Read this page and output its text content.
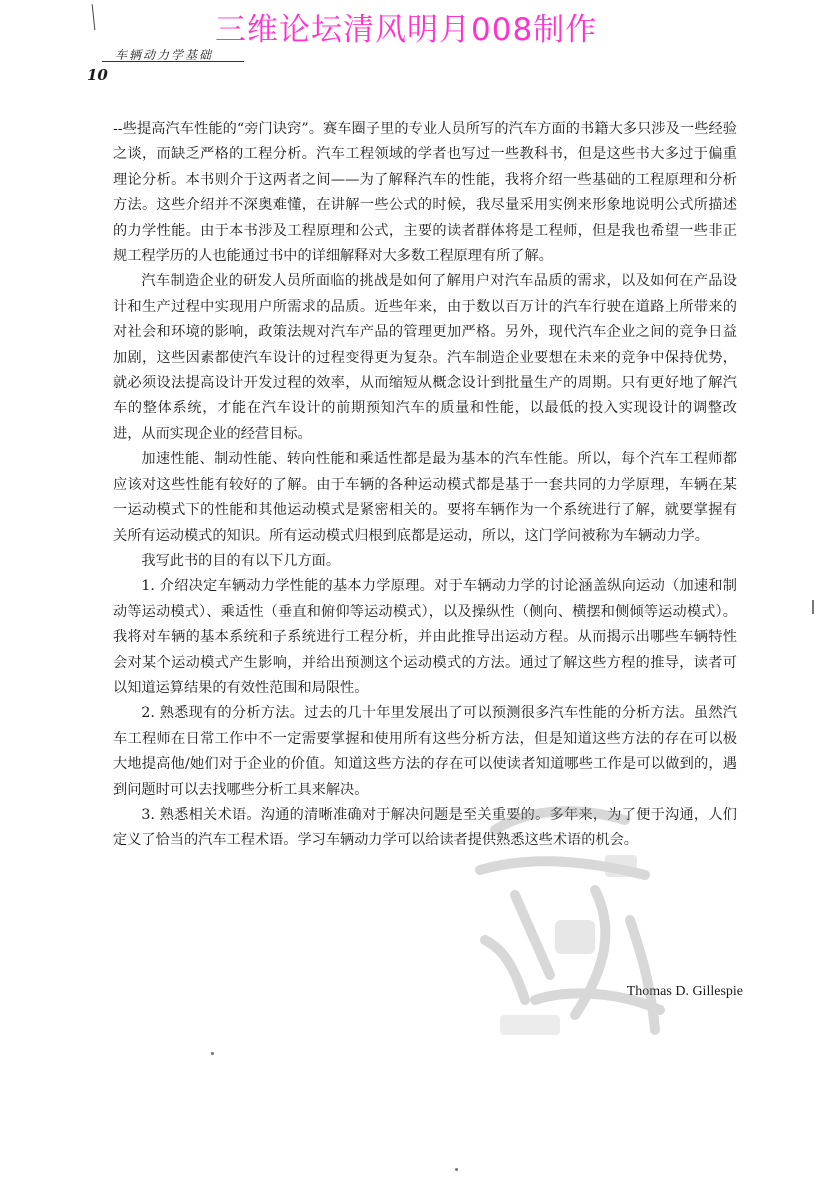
三维论坛清风明月008制作
车辆动力学基础
10

--些提高汽车性能的“旁门诀窍”。赛车圈子里的专业人员所写的汽车方面的书籍大多只涉及一些经验之谈，而缺乏严格的工程分析。汽车工程领域的学者也写过一些教科书，但是这些书大多过于偏重理论分析。本书则介于这两者之间——为了解释汽车的性能，我将介绍一些基础的工程原理和分析方法。这些介绍并不深奥难懂，在讲解一些公式的时候，我尽量采用实例来形象地说明公式所描述的力学性能。由于本书涉及工程原理和公式，主要的读者群体将是工程师，但是我也希望一些非正规工程学历的人也能通过书中的详细解释对大多数工程原理有所了解。

汽车制造企业的研发人员所面临的挑战是如何了解用户对汽车品质的需求，以及如何在产品设计和生产过程中实现用户所需求的品质。近些年来，由于数以百万计的汽车行驶在道路上所带来的对社会和环境的影响，政策法规对汽车产品的管理更加严格。另外，现代汽车企业之间的竞争日益加剧，这些因素都使汽车设计的过程变得更为复杂。汽车制造企业要想在未来的竞争中保持优势，就必须设法提高设计开发过程的效率，从而缩短从概念设计到批量生产的周期。只有更好地了解汽车的整体系统，才能在汽车设计的前期预知汽车的质量和性能，以最低的投入实现设计的调整改进，从而实现企业的经营目标。

加速性能、制动性能、转向性能和乘适性都是最为基本的汽车性能。所以，每个汽车工程师都应该对这些性能有较好的了解。由于车辆的各种运动模式都是基于一套共同的力学原理，车辆在某一运动模式下的性能和其他运动模式是紧密相关的。要将车辆作为一个系统进行了解，就要掌握有关所有运动模式的知识。所有运动模式归根到底都是运动，所以，这门学问被称为车辆动力学。

我写此书的目的有以下几方面。

1. 介绍决定车辆动力学性能的基本力学原理。对于车辆动力学的讨论涵盖纵向运动（加速和制动等运动模式）、乘适性（垂直和俯仰等运动模式），以及操纵性（侧向、横摆和侧倾等运动模式）。我将对车辆的基本系统和子系统进行工程分析，并由此推导出运动方程。从而揭示出哪些车辆特性会对某个运动模式产生影响，并给出预测这个运动模式的方法。通过了解这些方程的推导，读者可以知道运算结果的有效性范围和局限性。

2. 熟悉现有的分析方法。过去的几十年里发展出了可以预测很多汽车性能的分析方法。虽然汽车工程师在日常工作中不一定需要掌握和使用所有这些分析方法，但是知道这些方法的存在可以极大地提高他/她们对于企业的价值。知道这些方法的存在可以使读者知道哪些工作是可以做到的，遇到问题时可以去找哪些分析工具来解决。

3. 熟悉相关术语。沟通的清晰准确对于解决问题是至关重要的。多年来，为了便于沟通，人们定义了恰当的汽车工程术语。学习车辆动力学可以给读者提供熟悉这些术语的机会。

Thomas D. Gillespie
